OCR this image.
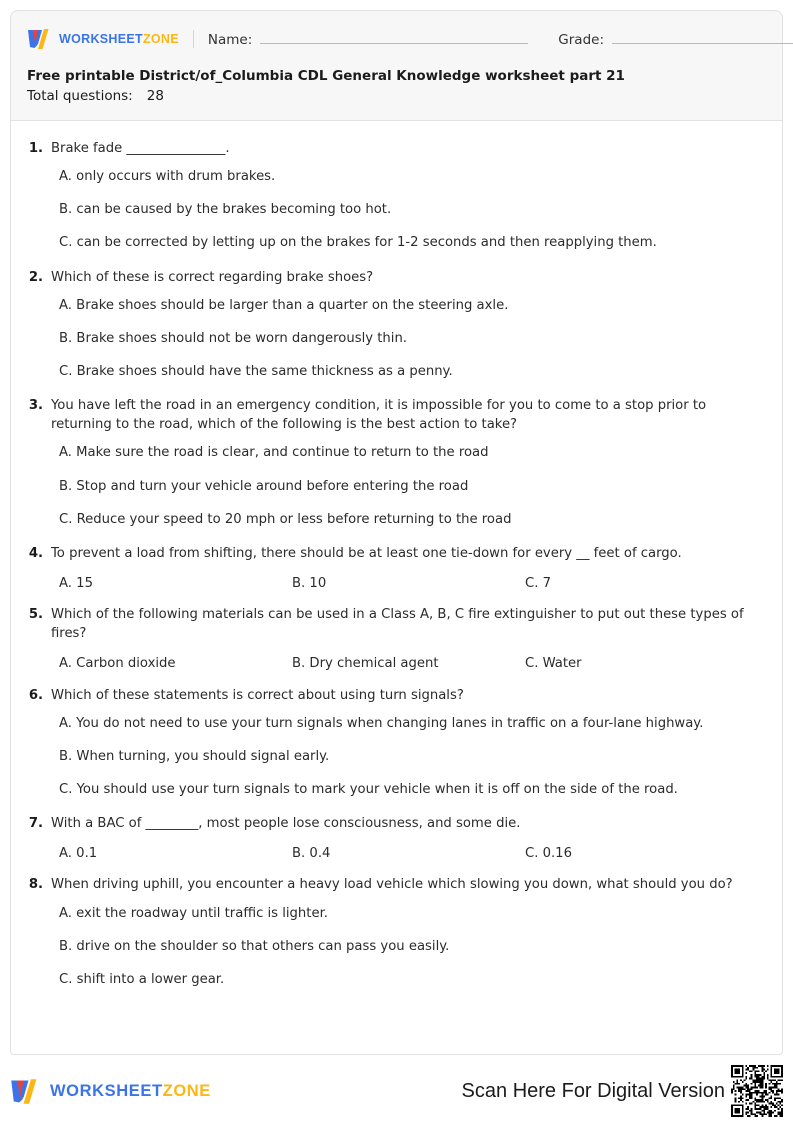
WORKSHEETZONE Name:	Grade:
Free printable District/of_Columbia CDL General Knowledge worksheet part 21
Total questions: 28
1. Brake fade _______________.
A. only occurs with drum brakes.
B. can be caused by the brakes becoming too hot.
C. can be corrected by letting up on the brakes for 1-2 seconds and then reapplying them.
2. Which of these is correct regarding brake shoes?
A. Brake shoes should be larger than a quarter on the steering axle.
B. Brake shoes should not be worn dangerously thin.
C. Brake shoes should have the same thickness as a penny.
3. You have left the road in an emergency condition, it is impossible for you to come to a stop prior to returning to the road, which of the following is the best action to take?
A. Make sure the road is clear, and continue to return to the road
B. Stop and turn your vehicle around before entering the road
C. Reduce your speed to 20 mph or less before returning to the road
4. To prevent a load from shifting, there should be at least one tie-down for every __ feet of cargo.
A. 15	B. 10	C. 7
5. Which of the following materials can be used in a Class A, B, C fire extinguisher to put out these types of fires?
A. Carbon dioxide	B. Dry chemical agent	C. Water
6. Which of these statements is correct about using turn signals?
A. You do not need to use your turn signals when changing lanes in traffic on a four-lane highway.
B. When turning, you should signal early.
C. You should use your turn signals to mark your vehicle when it is off on the side of the road.
7. With a BAC of ________, most people lose consciousness, and some die.
A. 0.1	B. 0.4	C. 0.16
8. When driving uphill, you encounter a heavy load vehicle which slowing you down, what should you do?
A. exit the roadway until traffic is lighter.
B. drive on the shoulder so that others can pass you easily.
C. shift into a lower gear.
WORKSHEETZONE	Scan Here For Digital Version
